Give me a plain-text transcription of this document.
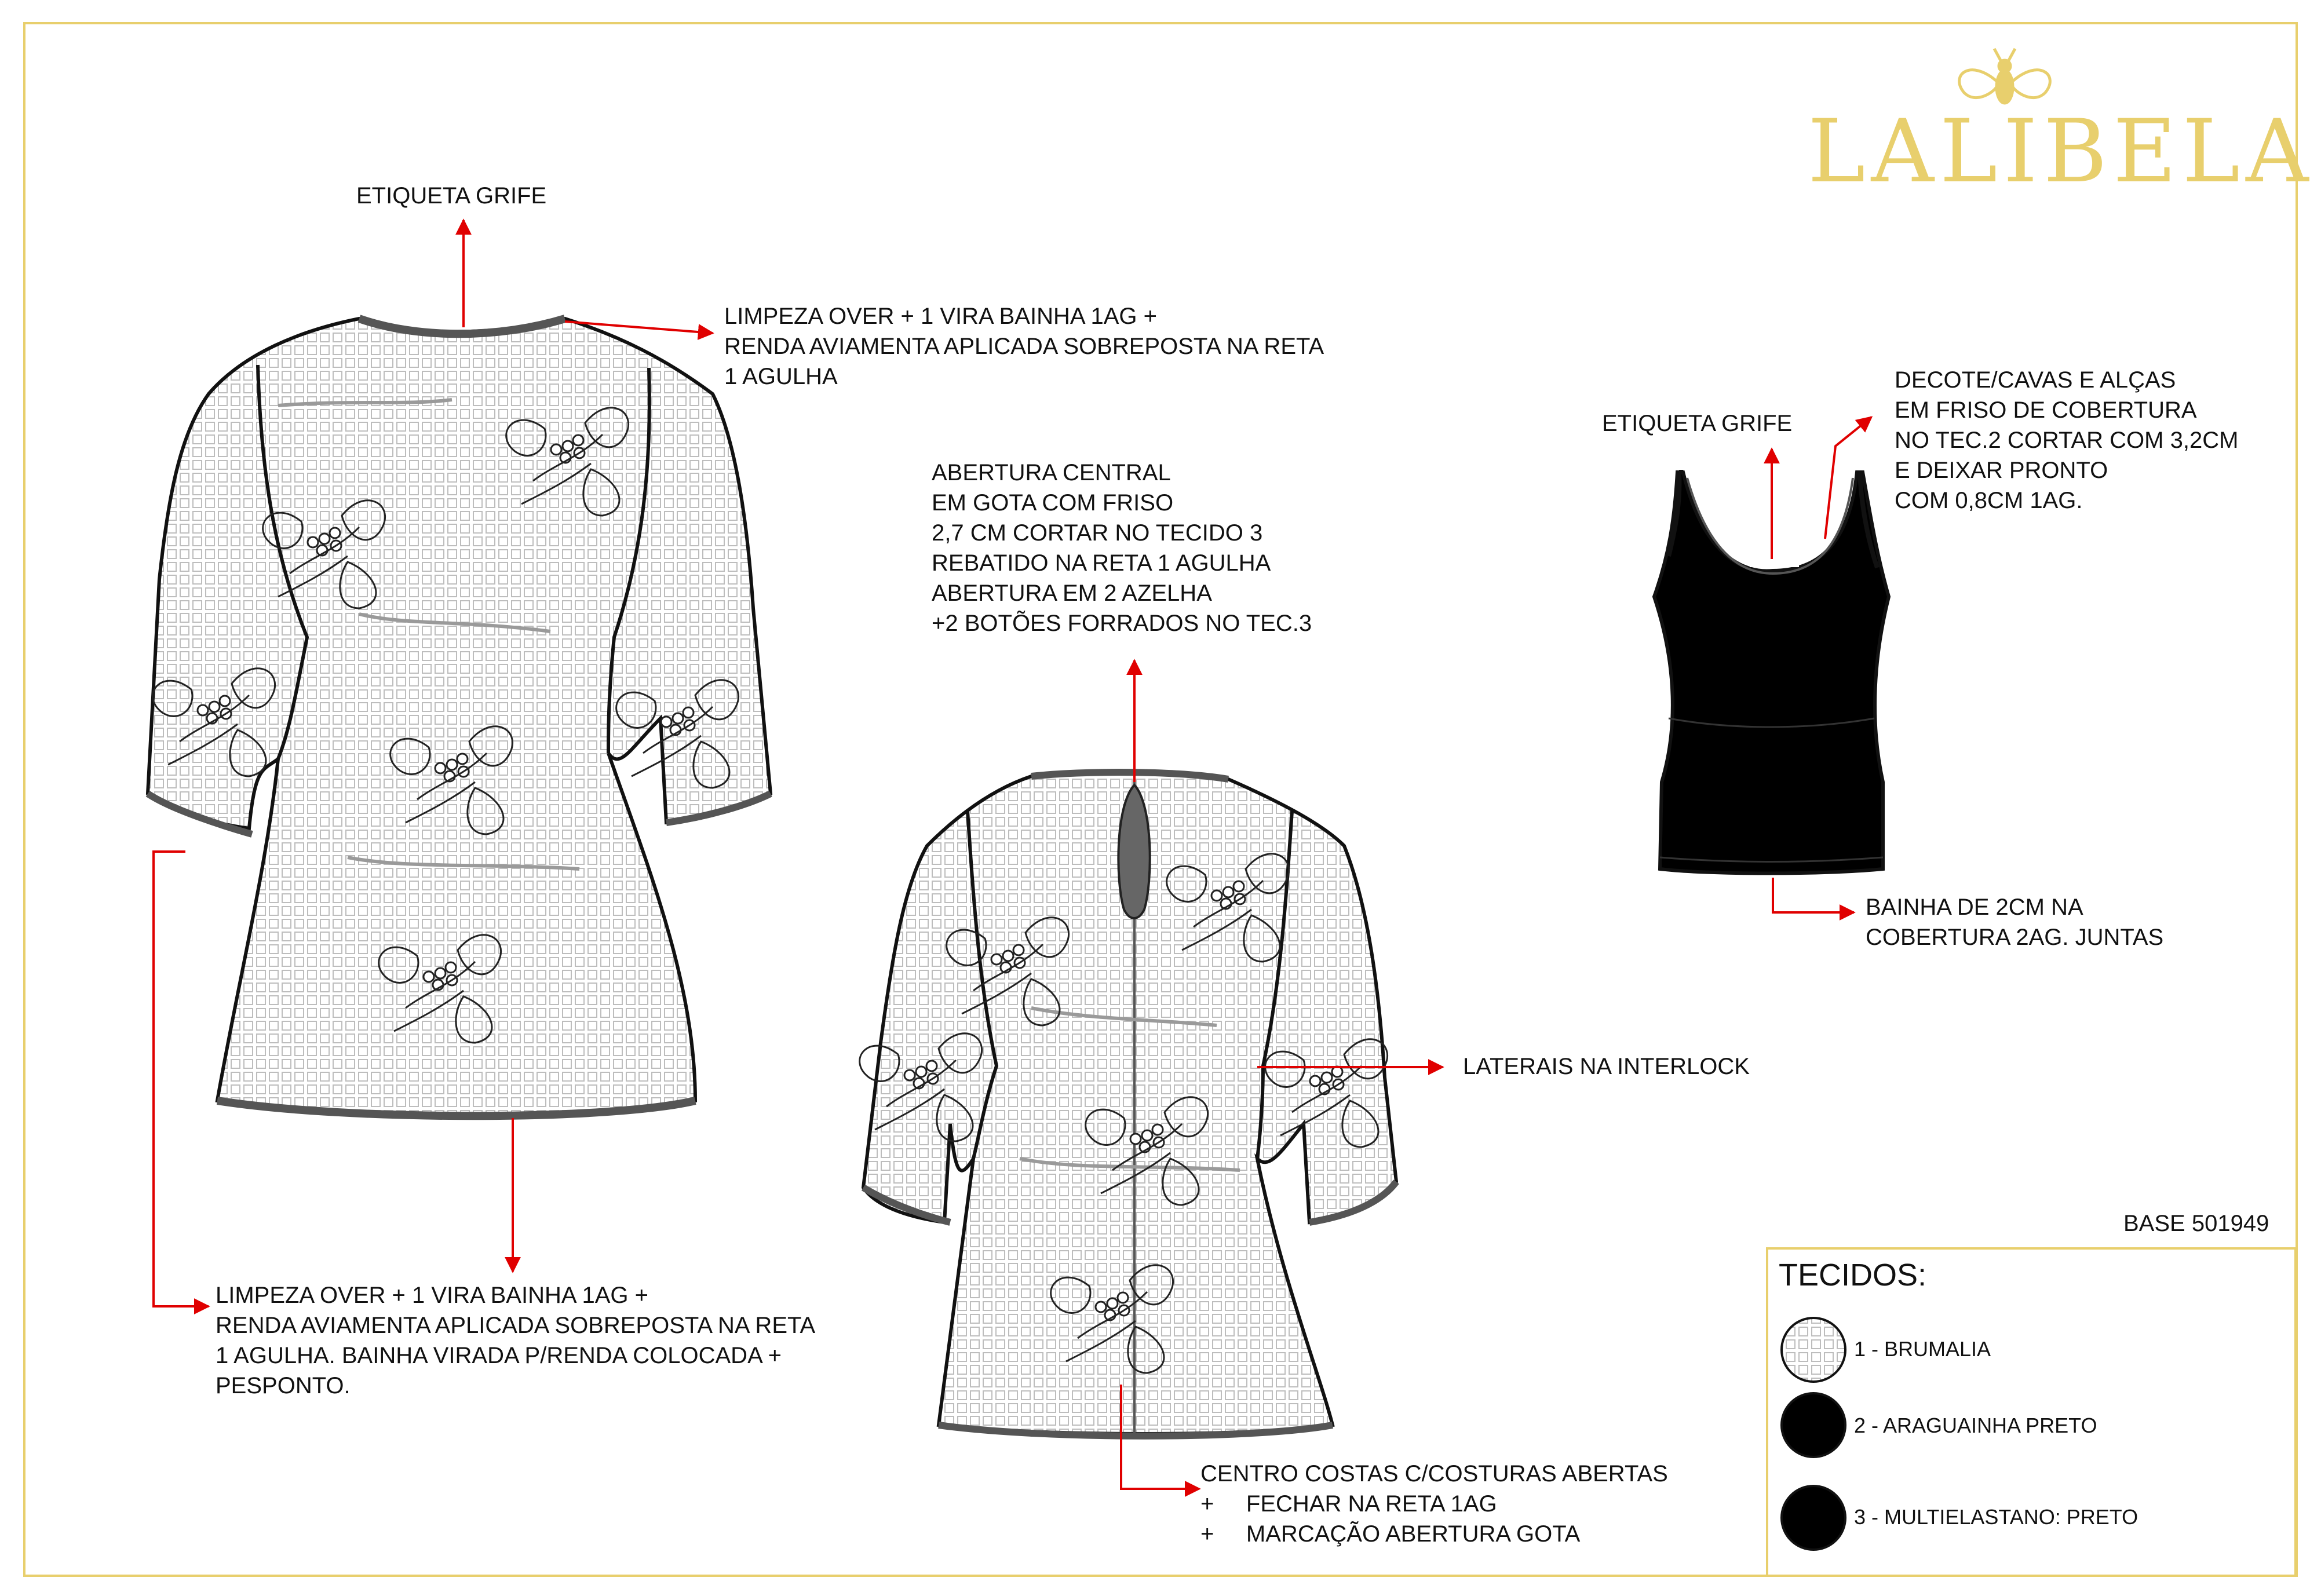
LALIBELA
ETIQUETA GRIFE
LIMPEZA OVER + 1 VIRA BAINHA 1AG +
RENDA AVIAMENTA APLICADA SOBREPOSTA NA RETA
1 AGULHA
ABERTURA CENTRAL
EM GOTA COM FRISO
2,7 CM CORTAR NO TECIDO 3
REBATIDO NA RETA 1 AGULHA
ABERTURA EM 2 AZELHA
+2 BOTÕES FORRADOS NO TEC.3
ETIQUETA GRIFE
DECOTE/CAVAS E ALÇAS
EM FRISO DE COBERTURA
NO TEC.2 CORTAR COM 3,2CM
E DEIXAR PRONTO
COM 0,8CM 1AG.
BAINHA DE 2CM NA
COBERTURA 2AG. JUNTAS
LATERAIS NA INTERLOCK
LIMPEZA OVER + 1 VIRA BAINHA 1AG +
RENDA AVIAMENTA APLICADA SOBREPOSTA NA RETA
1 AGULHA. BAINHA VIRADA P/RENDA COLOCADA +
PESPONTO.
CENTRO COSTAS C/COSTURAS ABERTAS
+     FECHAR NA RETA 1AG
+     MARCAÇÃO ABERTURA GOTA
BASE 501949
TECIDOS:
1 - BRUMALIA
2 - ARAGUAINHA PRETO
3 - MULTIELASTANO: PRETO
